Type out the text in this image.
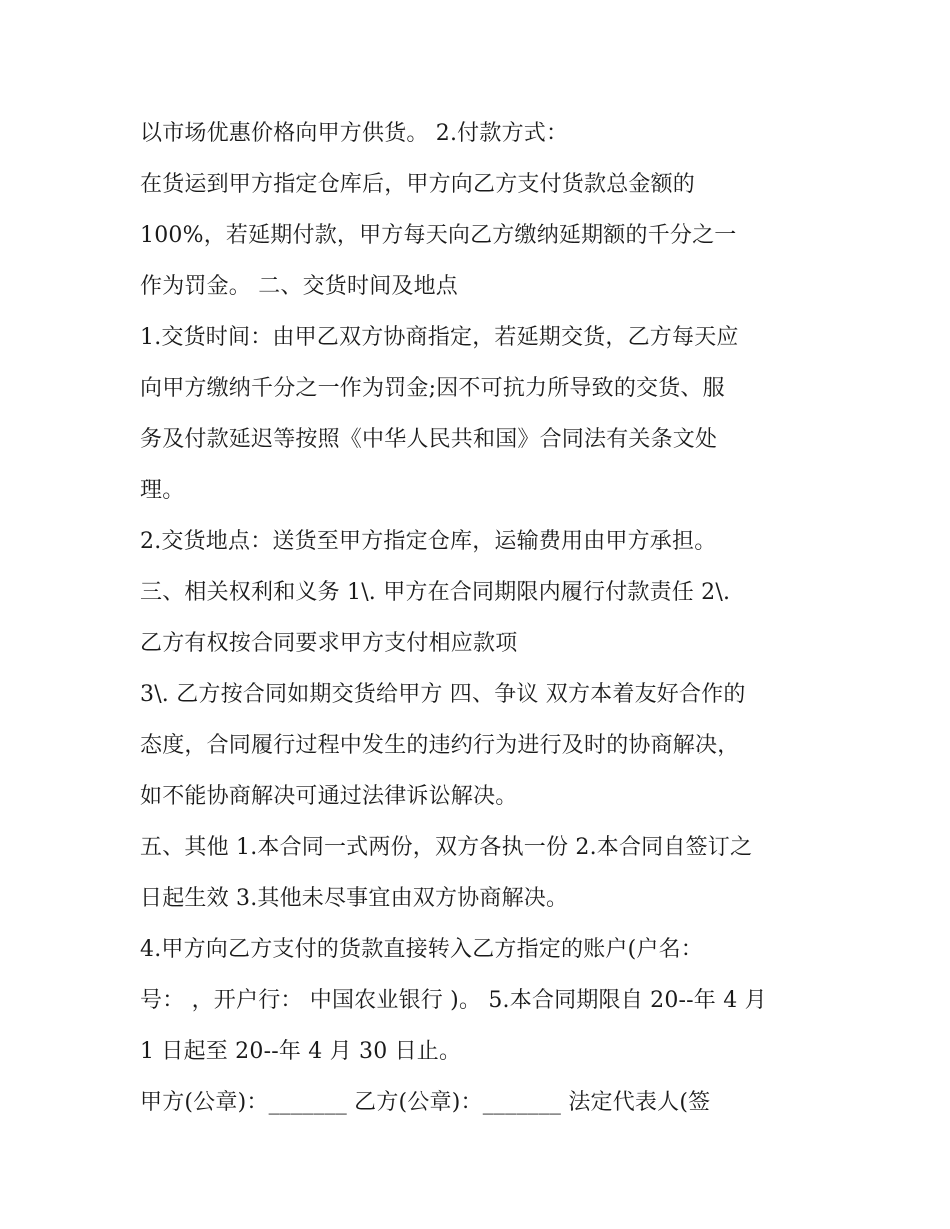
以市场优惠价格向甲方供货。 2.付款方式：
在货运到甲方指定仓库后，甲方向乙方支付货款总金额的
100%，若延期付款，甲方每天向乙方缴纳延期额的千分之一
作为罚金。 二、交货时间及地点
1.交货时间：由甲乙双方协商指定，若延期交货，乙方每天应
向甲方缴纳千分之一作为罚金;因不可抗力所导致的交货、服
务及付款延迟等按照《中华人民共和国》合同法有关条文处
理。
2.交货地点：送货至甲方指定仓库，运输费用由甲方承担。
三、相关权利和义务 1\. 甲方在合同期限内履行付款责任 2\.
乙方有权按合同要求甲方支付相应款项
3\. 乙方按合同如期交货给甲方 四、争议 双方本着友好合作的
态度，合同履行过程中发生的违约行为进行及时的协商解决，
如不能协商解决可通过法律诉讼解决。
五、其他 1.本合同一式两份，双方各执一份 2.本合同自签订之
日起生效 3.其他未尽事宜由双方协商解决。
4.甲方向乙方支付的货款直接转入乙方指定的账户(户名：
号： ，开户行： 中国农业银行 )。 5.本合同期限自 20--年 4 月
1 日起至 20--年 4 月 30 日止。
甲方(公章)：_______ 乙方(公章)：_______ 法定代表人(签
